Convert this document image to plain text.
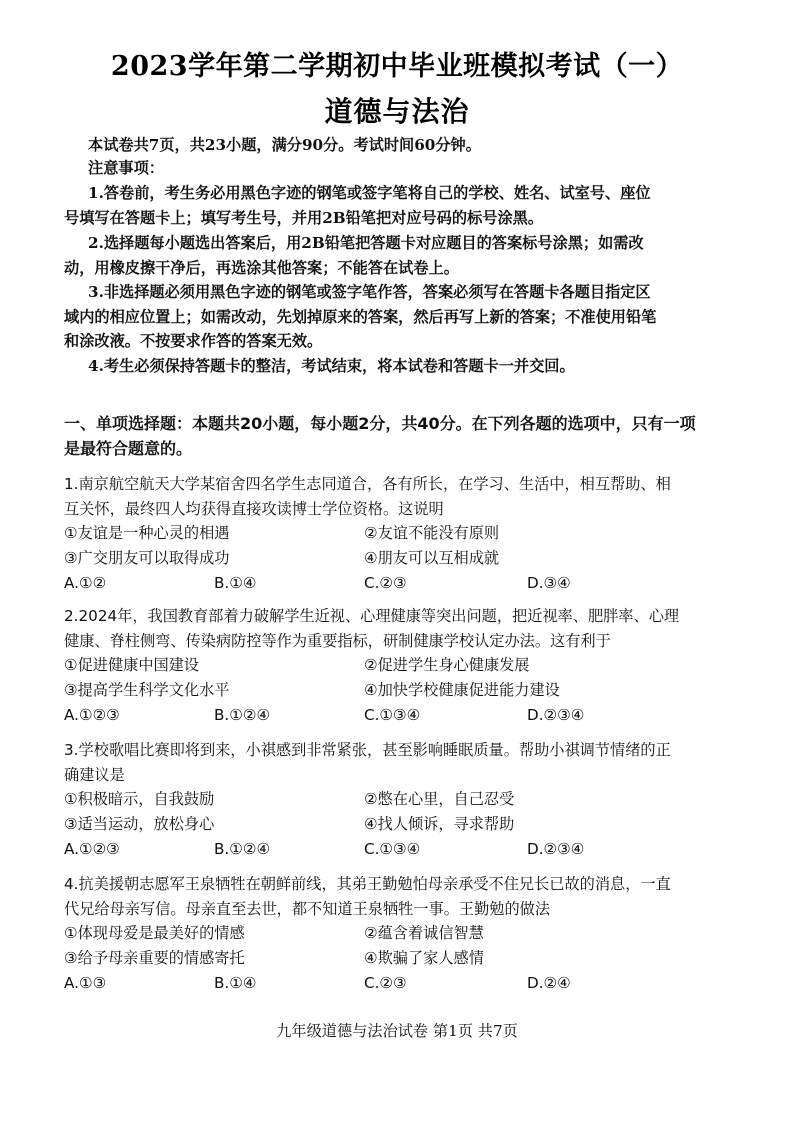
2023学年第二学期初中毕业班模拟考试（一）
道德与法治
本试卷共7页，共23小题，满分90分。考试时间60分钟。
注意事项：
1.答卷前，考生务必用黑色字迹的钢笔或签字笔将自己的学校、姓名、试室号、座位
号填写在答题卡上；填写考生号，并用2B铅笔把对应号码的标号涂黑。
2.选择题每小题选出答案后，用2B铅笔把答题卡对应题目的答案标号涂黑；如需改
动，用橡皮擦干净后，再选涂其他答案；不能答在试卷上。
3.非选择题必须用黑色字迹的钢笔或签字笔作答，答案必须写在答题卡各题目指定区
域内的相应位置上；如需改动，先划掉原来的答案，然后再写上新的答案；不准使用铅笔
和涂改液。不按要求作答的答案无效。
4.考生必须保持答题卡的整洁，考试结束，将本试卷和答题卡一并交回。
一、单项选择题：本题共20小题，每小题2分，共40分。在下列各题的选项中，只有一项
是最符合题意的。
1.南京航空航天大学某宿舍四名学生志同道合，各有所长，在学习、生活中，相互帮助、相
互关怀，最终四人均获得直接攻读博士学位资格。这说明
①友谊是一种心灵的相遇	②友谊不能没有原则
③广交朋友可以取得成功	④朋友可以互相成就
A.①②	B.①④	C.②③	D.③④
2.2024年，我国教育部着力破解学生近视、心理健康等突出问题，把近视率、肥胖率、心理
健康、脊柱侧弯、传染病防控等作为重要指标，研制健康学校认定办法。这有利于
①促进健康中国建设	②促进学生身心健康发展
③提高学生科学文化水平	④加快学校健康促进能力建设
A.①②③	B.①②④	C.①③④	D.②③④
3.学校歌唱比赛即将到来，小祺感到非常紧张，甚至影响睡眠质量。帮助小祺调节情绪的正
确建议是
①积极暗示，自我鼓励	②憋在心里，自己忍受
③适当运动，放松身心	④找人倾诉，寻求帮助
A.①②③	B.①②④	C.①③④	D.②③④
4.抗美援朝志愿军王泉牺牲在朝鲜前线，其弟王勤勉怕母亲承受不住兄长已故的消息，一直
代兄给母亲写信。母亲直至去世，都不知道王泉牺牲一事。王勤勉的做法
①体现母爱是最美好的情感	②蕴含着诚信智慧
③给予母亲重要的情感寄托	④欺骗了家人感情
A.①③	B.①④	C.②③	D.②④
九年级道德与法治试卷 第1页 共7页
